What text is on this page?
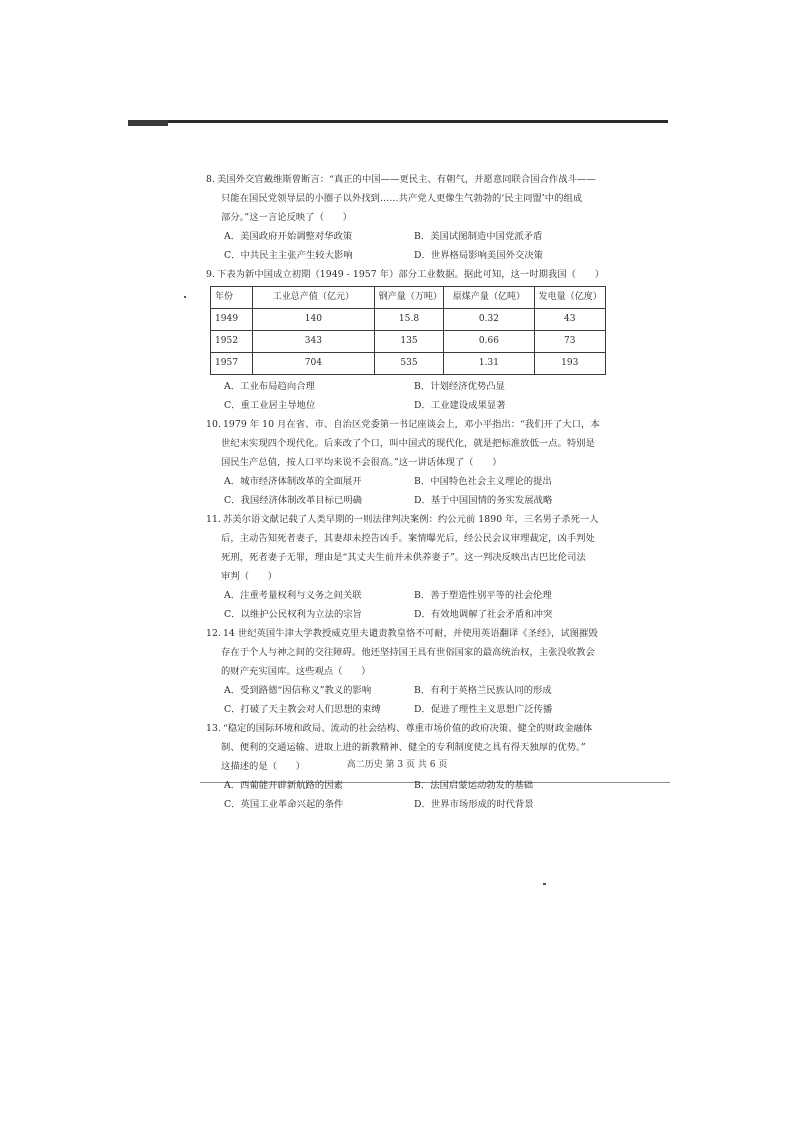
8. 美国外交官戴维斯曾断言：“真正的中国——更民主、有朝气，并愿意同联合国合作战斗——
只能在国民党领导层的小圈子以外找到……共产党人更像生气勃勃的‘民主同盟’中的组成
部分。”这一言论反映了（　　）
A．美国政府开始调整对华政策	B．美国试图制造中国党派矛盾
C．中共民主主张产生较大影响	D．世界格局影响美国外交决策
9. 下表为新中国成立初期（1949 - 1957 年）部分工业数据。据此可知，这一时期我国（　　）
年份	工业总产值（亿元）	钢产量（万吨）	原煤产量（亿吨）	发电量（亿度）
1949	140	15.8	0.32	43
1952	343	135	0.66	73
1957	704	535	1.31	193
A．工业布局趋向合理	B．计划经济优势凸显
C．重工业居主导地位	D．工业建设成果显著
10. 1979 年 10 月在省、市、自治区党委第一书记座谈会上，邓小平指出：“我们开了大口，本
世纪末实现四个现代化。后来改了个口，叫中国式的现代化，就是把标准放低一点。特别是
国民生产总值，按人口平均来说不会很高。”这一讲话体现了（　　）
A．城市经济体制改革的全面展开	B．中国特色社会主义理论的提出
C．我国经济体制改革目标已明确	D．基于中国国情的务实发展战略
11. 苏美尔语文献记载了人类早期的一则法律判决案例：约公元前 1890 年，三名男子杀死一人
后，主动告知死者妻子，其妻却未控告凶手。案情曝光后，经公民会议审理裁定，凶手判处
死刑，死者妻子无罪，理由是“其丈夫生前并未供养妻子”。这一判决反映出古巴比伦司法
审判（　　）
A．注重考量权利与义务之间关联	B．善于塑造性别平等的社会伦理
C．以维护公民权利为立法的宗旨	D．有效地调解了社会矛盾和冲突
12. 14 世纪英国牛津大学教授威克里夫谴责教皇恪不可耐，并使用英语翻译《圣经》，试图摧毁
存在于个人与神之间的交往障碍。他还坚持国王具有世俗国家的最高统治权，主张没收教会
的财产充实国库。这些观点（　　）
A．受到路德“因信称义”教义的影响	B．有利于英格兰民族认同的形成
C．打破了天主教会对人们思想的束缚	D．促进了理性主义思想广泛传播
13. “稳定的国际环境和政局、流动的社会结构、尊重市场价值的政府决策、健全的财政金融体
制、便利的交通运输、进取上进的新教精神、健全的专利制度使之具有得天独厚的优势。”
这描述的是（　　）
A．西葡能开辟新航路的因素	B．法国启蒙运动勃发的基础
C．英国工业革命兴起的条件	D．世界市场形成的时代背景
高二历史 第 3 页 共 6 页
